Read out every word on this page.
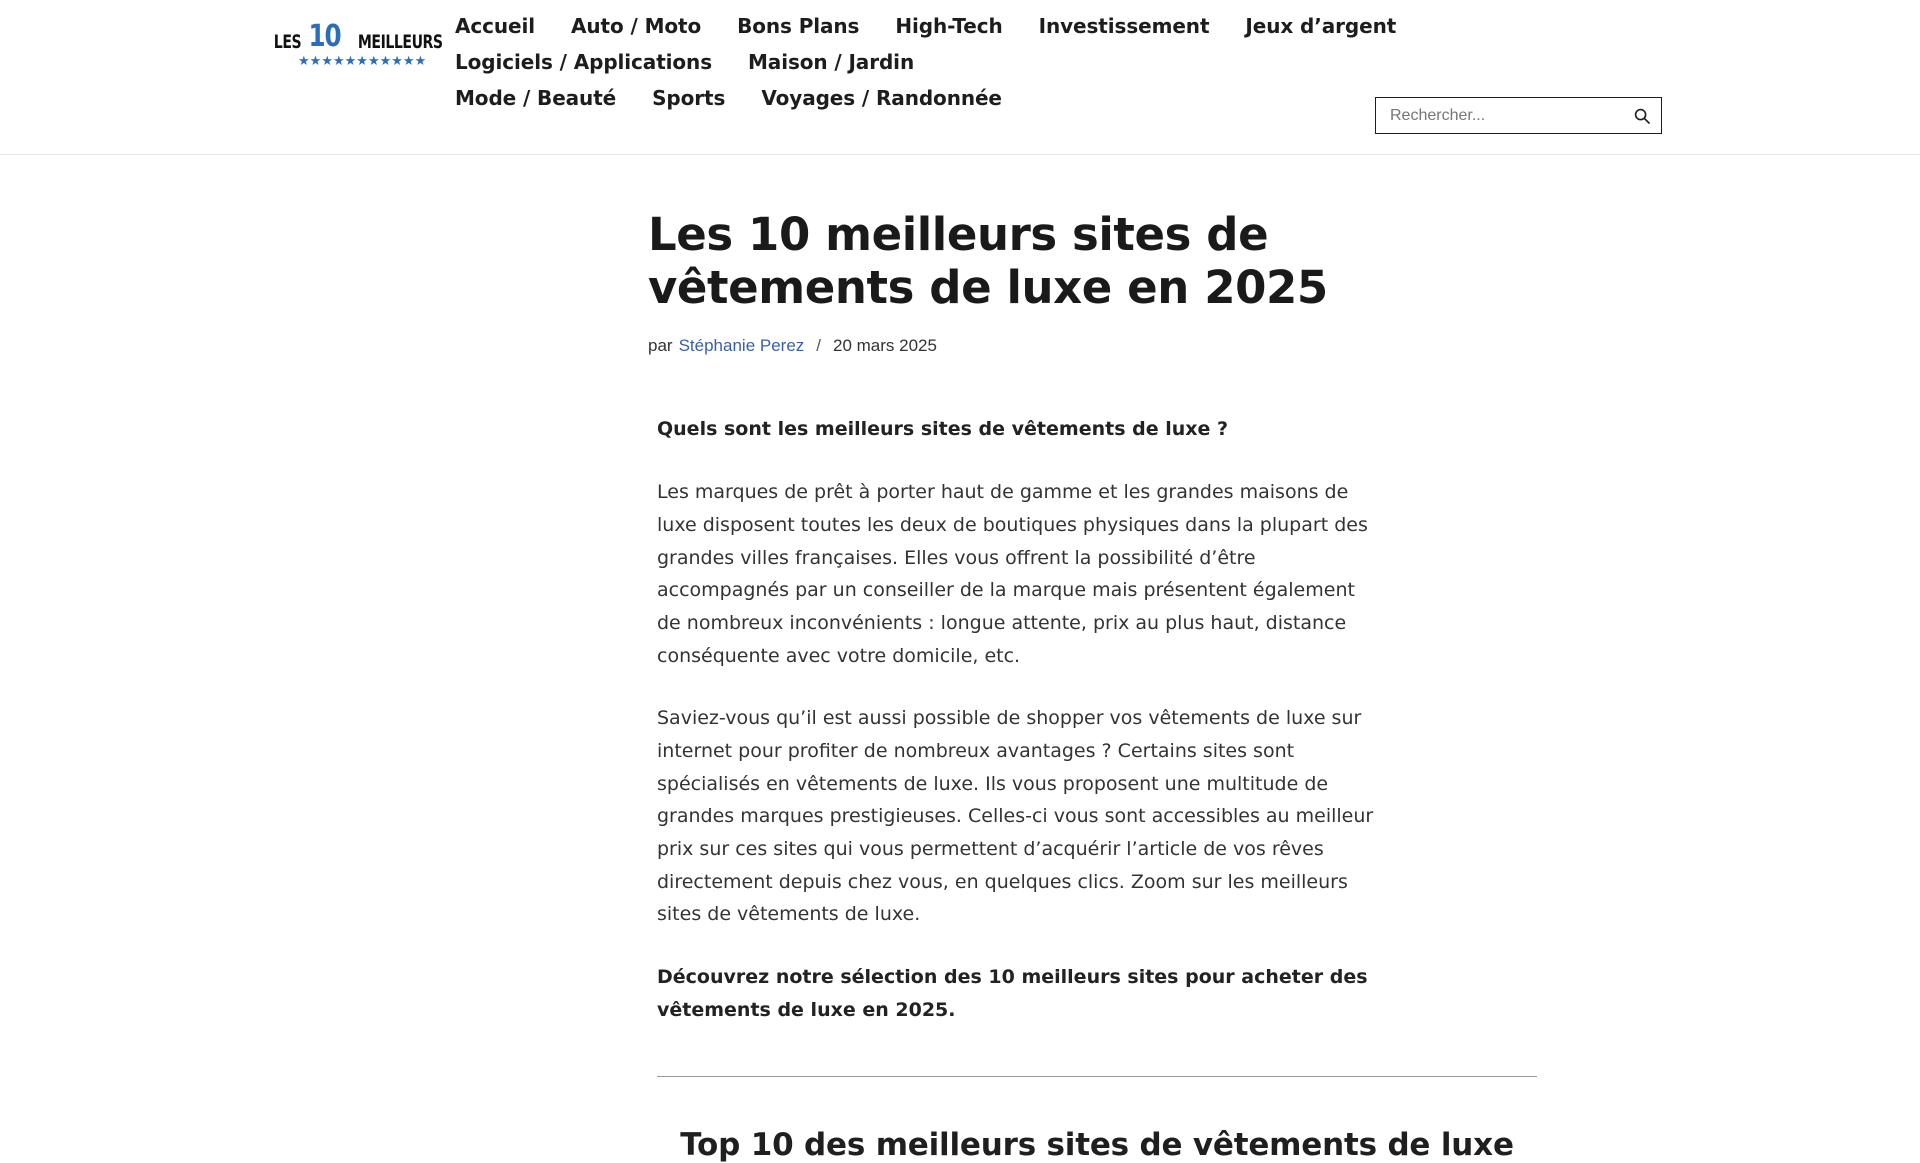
LES 10 MEILLEURS
★ ★ ★ ★ ★ ★ ★ ★ ★ ★ ★
Accueil Auto / Moto Bons Plans High-Tech Investissement Jeux d’argent
Logiciels / Applications Maison / Jardin
Mode / Beauté Sports Voyages / Randonnée
Rechercher...
Les 10 meilleurs sites de vêtements de luxe en 2025
par Stéphanie Perez / 20 mars 2025

Quels sont les meilleurs sites de vêtements de luxe ?

Les marques de prêt à porter haut de gamme et les grandes maisons de luxe disposent toutes les deux de boutiques physiques dans la plupart des grandes villes françaises. Elles vous offrent la possibilité d’être accompagnés par un conseiller de la marque mais présentent également de nombreux inconvénients : longue attente, prix au plus haut, distance conséquente avec votre domicile, etc.

Saviez-vous qu’il est aussi possible de shopper vos vêtements de luxe sur internet pour profiter de nombreux avantages ? Certains sites sont spécialisés en vêtements de luxe. Ils vous proposent une multitude de grandes marques prestigieuses. Celles-ci vous sont accessibles au meilleur prix sur ces sites qui vous permettent d’acquérir l’article de vos rêves directement depuis chez vous, en quelques clics. Zoom sur les meilleurs sites de vêtements de luxe.

Découvrez notre sélection des 10 meilleurs sites pour acheter des vêtements de luxe en 2025.

Top 10 des meilleurs sites de vêtements de luxe
